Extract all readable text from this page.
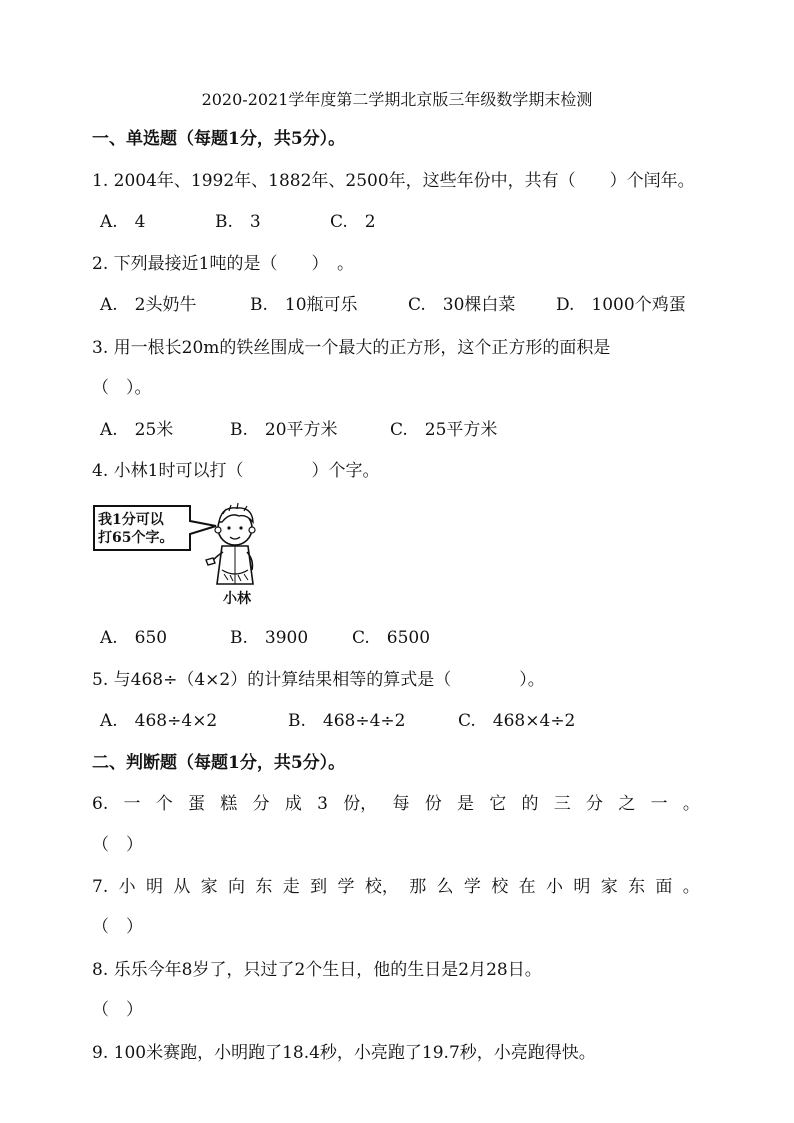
2020-2021学年度第二学期北京版三年级数学期末检测
一、单选题（每题1分，共5分）。
1. 2004年、1992年、1882年、2500年，这些年份中，共有（　　）个闰年。
A.　4	B.　3	C.　2
2. 下列最接近1吨的是（　　）　。
A.　2头奶牛	B.　10瓶可乐	C.　30棵白菜	D.　1000个鸡蛋
3. 用一根长20m的铁丝围成一个最大的正方形，这个正方形的面积是
（　）。
A.　25米	B.　20平方米	C.　25平方米
4. 小林1时可以打（　　　　）个字。
我1分可以
打65个字。
小林
A.　650	B.　3900	C.　6500
5. 与468÷（4×2）的计算结果相等的算式是（　　　　）。
A.　468÷4×2	B.　468÷4÷2	C.　468×4÷2
二、判断题（每题1分，共5分）。
6. 一 个 蛋 糕 分 成 3 份， 每 份 是 它 的 三 分 之 一 。
（　）
7. 小 明 从 家 向 东 走 到 学 校， 那 么 学 校 在 小 明 家 东 面 。
（　）
8. 乐乐今年8岁了，只过了2个生日，他的生日是2月28日。
（　）
9. 100米赛跑，小明跑了18.4秒，小亮跑了19.7秒，小亮跑得快。
